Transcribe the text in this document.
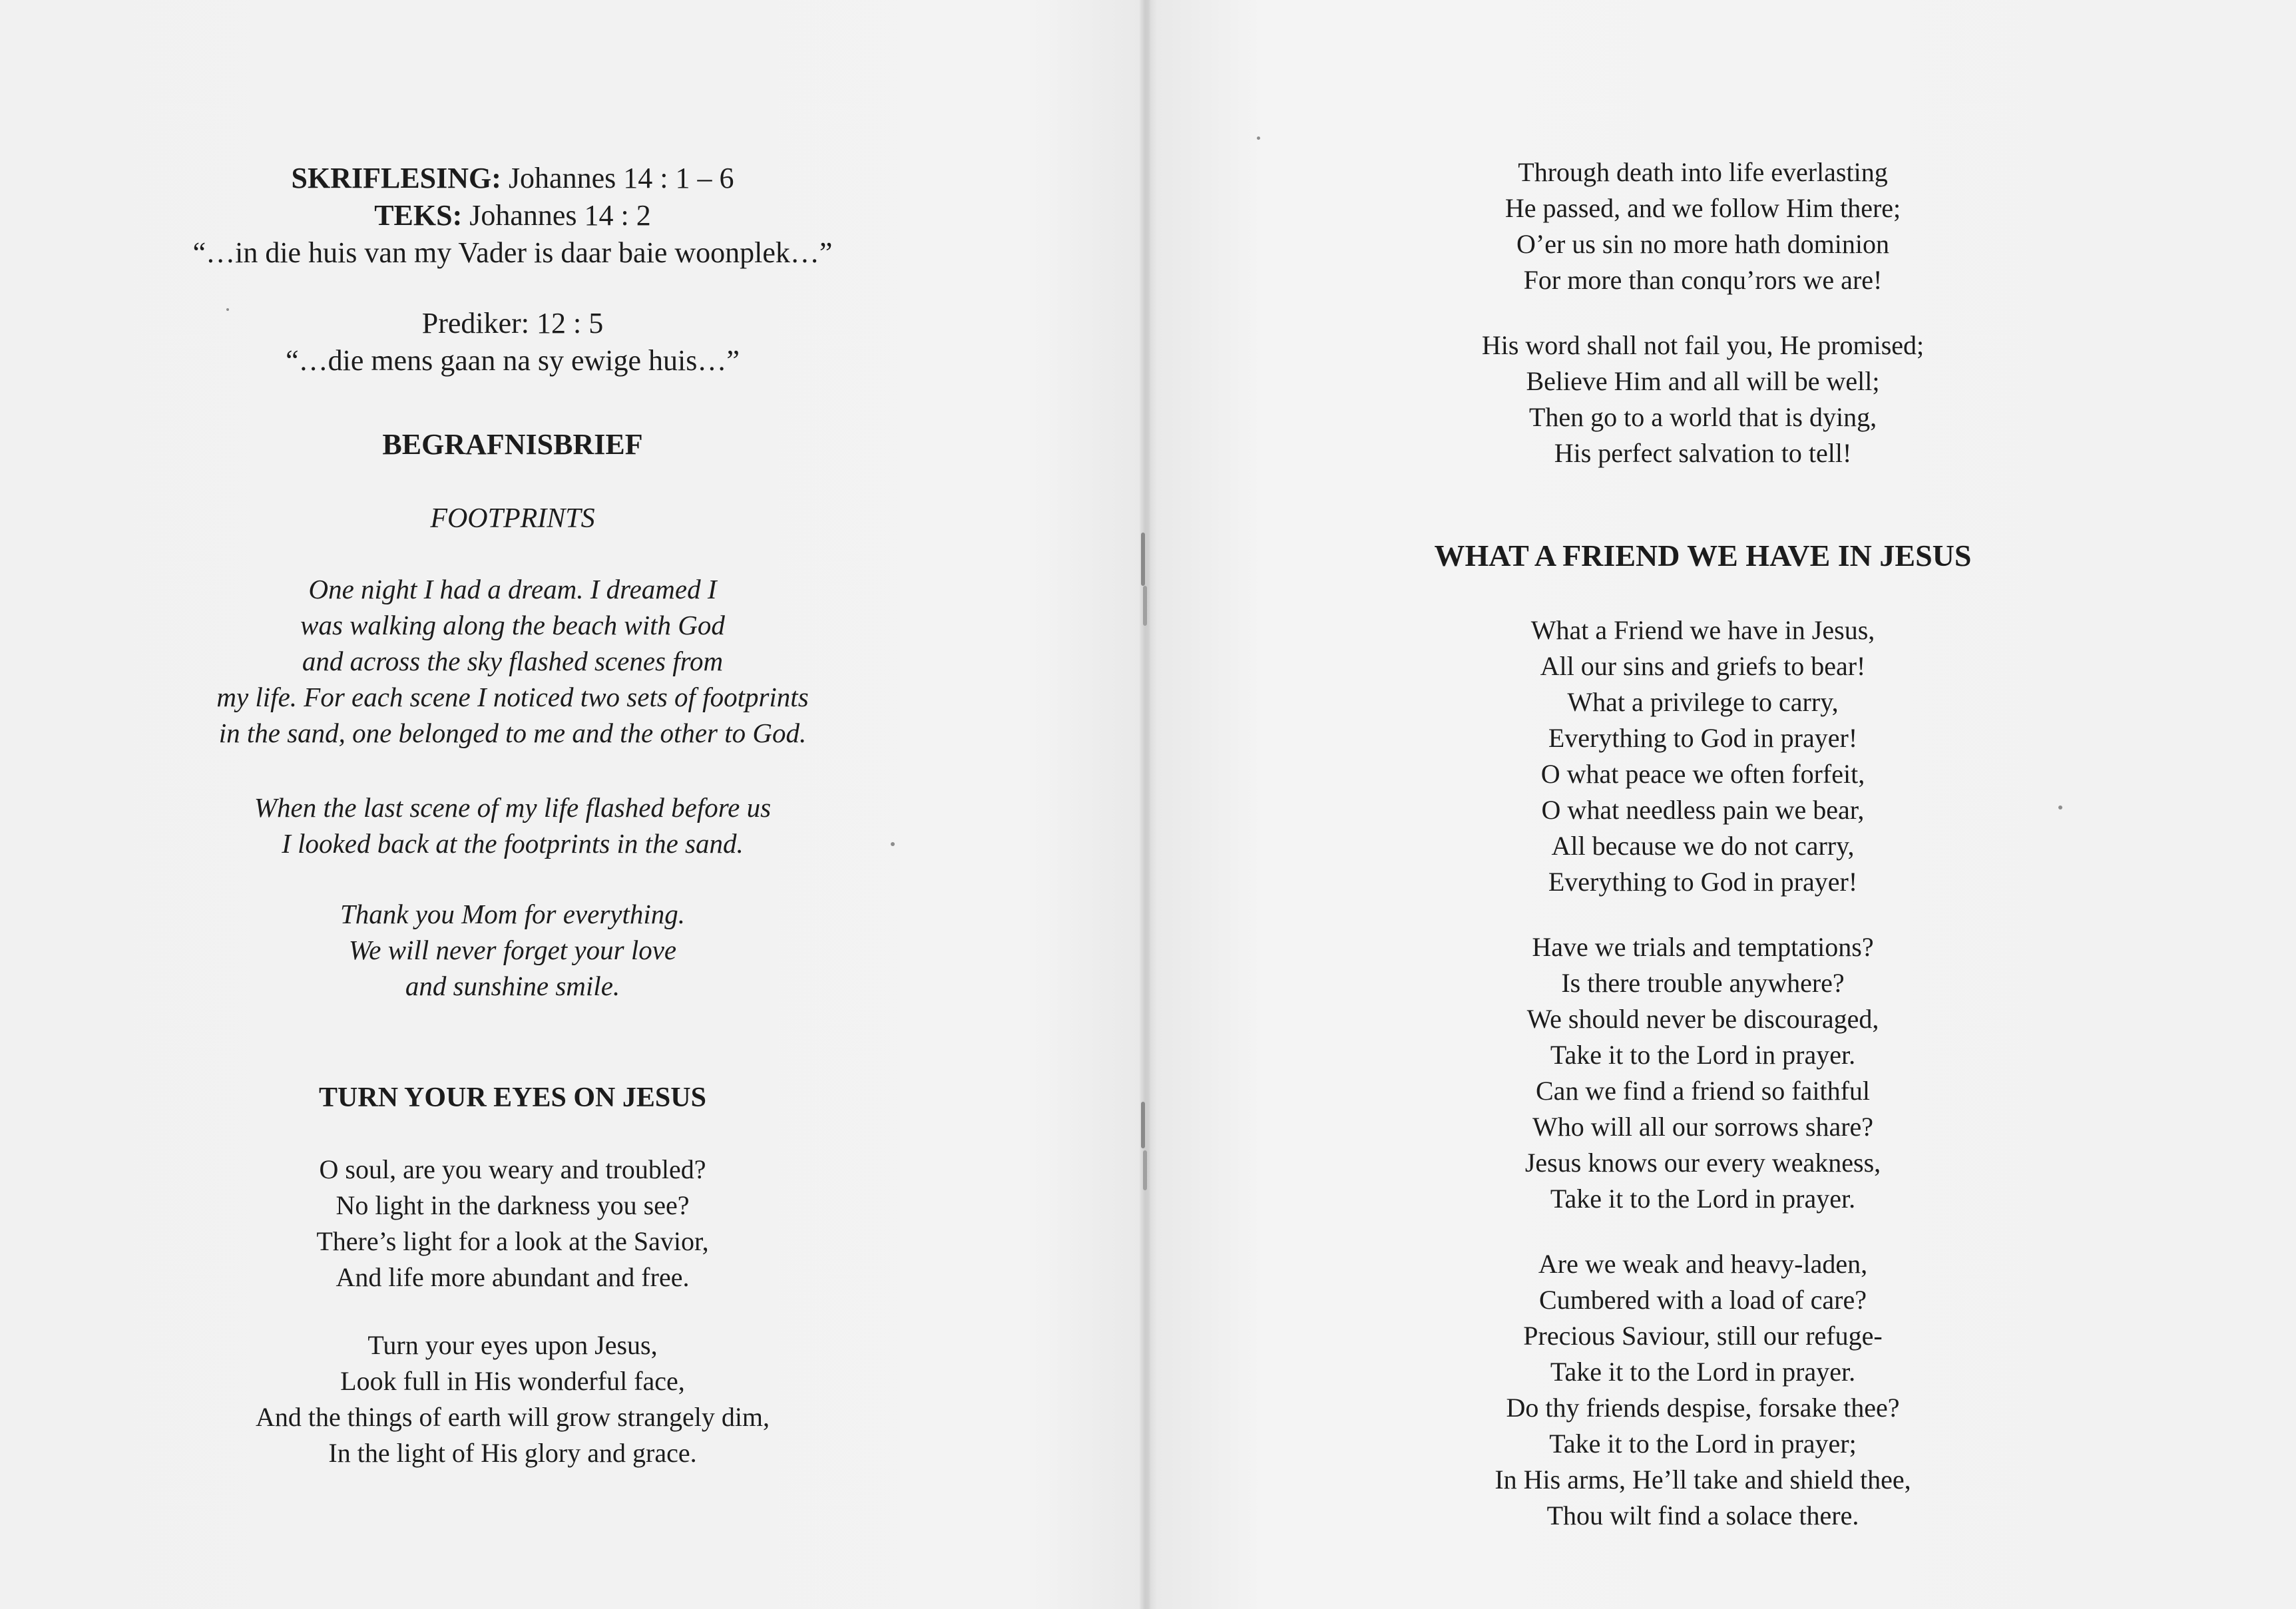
SKRIFLESING: Johannes 14 : 1 – 6
TEKS: Johannes 14 : 2
“…in die huis van my Vader is daar baie woonplek…”
Prediker: 12 : 5
“…die mens gaan na sy ewige huis…”
BEGRAFNISBRIEF
FOOTPRINTS
One night I had a dream. I dreamed I
was walking along the beach with God
and across the sky flashed scenes from
my life. For each scene I noticed two sets of footprints
in the sand, one belonged to me and the other to God.
When the last scene of my life flashed before us
I looked back at the footprints in the sand.
Thank you Mom for everything.
We will never forget your love
and sunshine smile.
TURN YOUR EYES ON JESUS
O soul, are you weary and troubled?
No light in the darkness you see?
There’s light for a look at the Savior,
And life more abundant and free.
Turn your eyes upon Jesus,
Look full in His wonderful face,
And the things of earth will grow strangely dim,
In the light of His glory and grace.
Through death into life everlasting
He passed, and we follow Him there;
O’er us sin no more hath dominion
For more than conqu’rors we are!
His word shall not fail you, He promised;
Believe Him and all will be well;
Then go to a world that is dying,
His perfect salvation to tell!
WHAT A FRIEND WE HAVE IN JESUS
What a Friend we have in Jesus,
All our sins and griefs to bear!
What a privilege to carry,
Everything to God in prayer!
O what peace we often forfeit,
O what needless pain we bear,
All because we do not carry,
Everything to God in prayer!
Have we trials and temptations?
Is there trouble anywhere?
We should never be discouraged,
Take it to the Lord in prayer.
Can we find a friend so faithful
Who will all our sorrows share?
Jesus knows our every weakness,
Take it to the Lord in prayer.
Are we weak and heavy-laden,
Cumbered with a load of care?
Precious Saviour, still our refuge-
Take it to the Lord in prayer.
Do thy friends despise, forsake thee?
Take it to the Lord in prayer;
In His arms, He’ll take and shield thee,
Thou wilt find a solace there.
